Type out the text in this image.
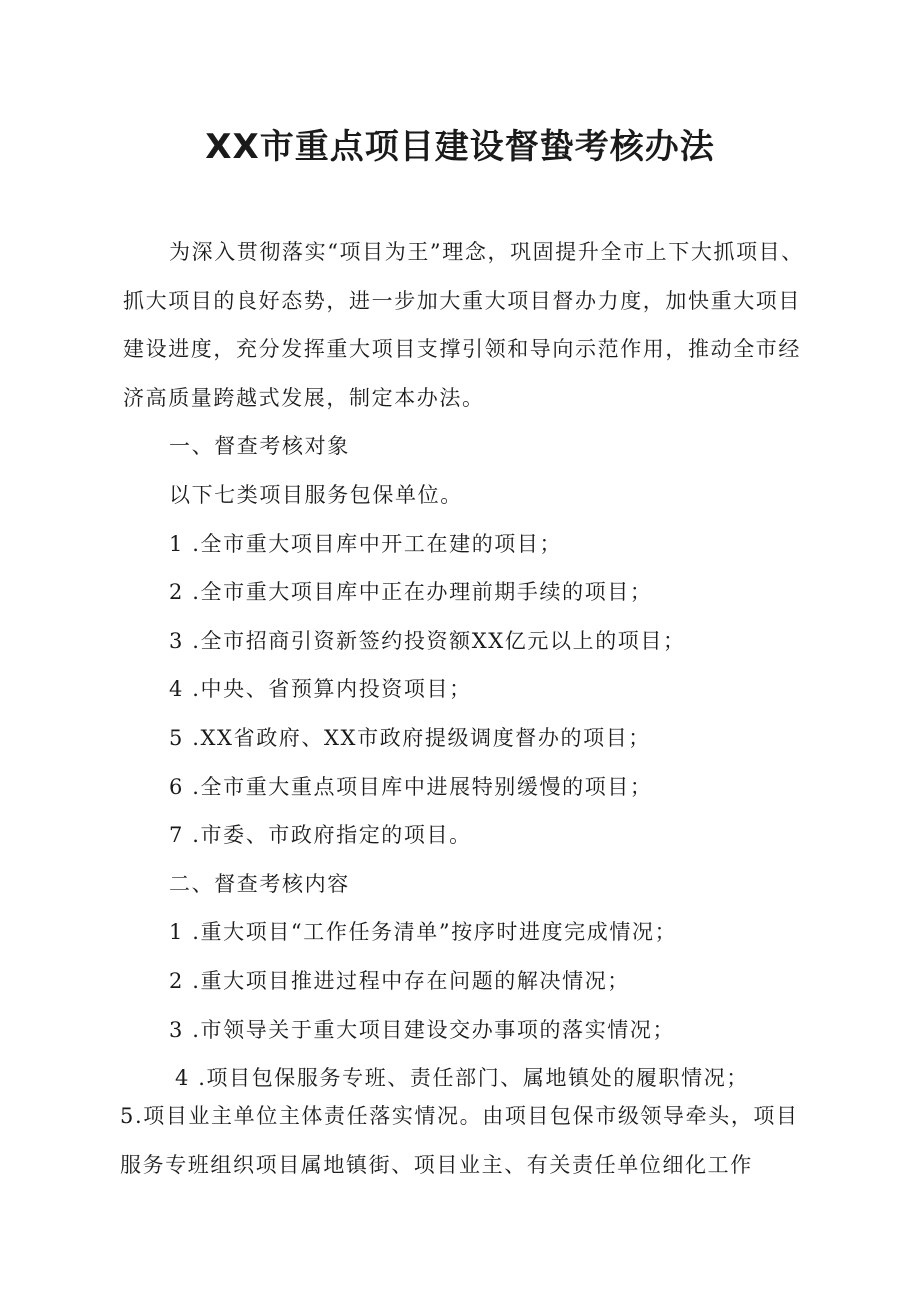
XX市重点项目建设督蛰考核办法

为深入贯彻落实“项目为王”理念，巩固提升全市上下大抓项目、抓大项目的良好态势，进一步加大重大项目督办力度，加快重大项目建设进度，充分发挥重大项目支撑引领和导向示范作用，推动全市经济高质量跨越式发展，制定本办法。

一、督查考核对象

以下七类项目服务包保单位。

1 .全市重大项目库中开工在建的项目；

2 .全市重大项目库中正在办理前期手续的项目；

3 .全市招商引资新签约投资额XX亿元以上的项目；

4 .中央、省预算内投资项目；

5 .XX省政府、XX市政府提级调度督办的项目；

6 .全市重大重点项目库中进展特别缓慢的项目；

7 .市委、市政府指定的项目。

二、督查考核内容

1 .重大项目“工作任务清单”按序时进度完成情况；

2 .重大项目推进过程中存在问题的解决情况；

3 .市领导关于重大项目建设交办事项的落实情况；

4 .项目包保服务专班、责任部门、属地镇处的履职情况；

5.项目业主单位主体责任落实情况。由项目包保市级领导牵头，项目服务专班组织项目属地镇街、项目业主、有关责任单位细化工作
